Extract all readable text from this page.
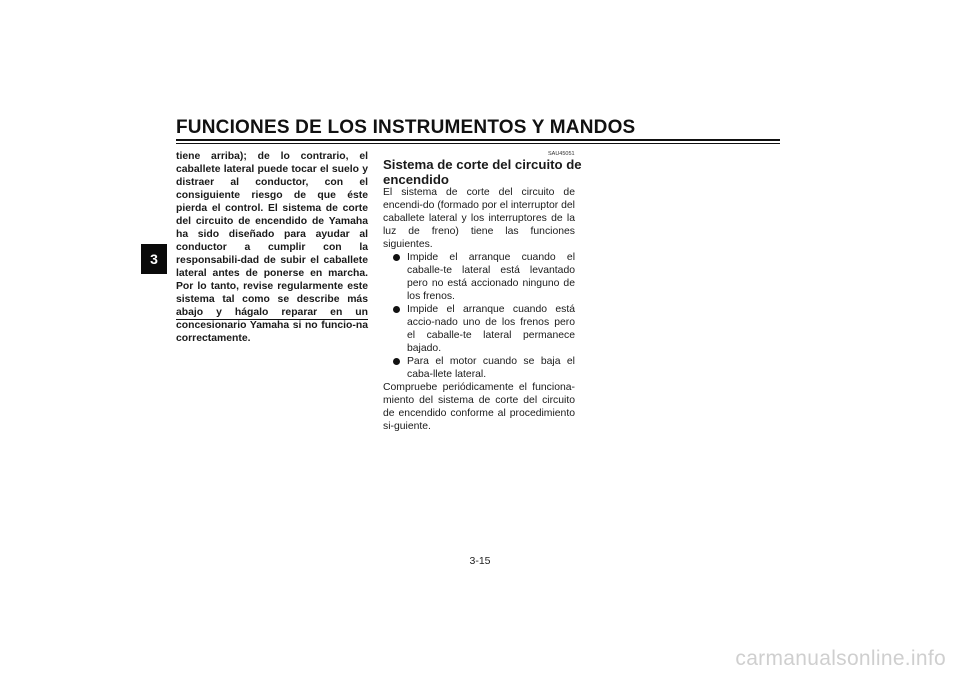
FUNCIONES DE LOS INSTRUMENTOS Y MANDOS
3

tiene arriba); de lo contrario, el caballete lateral puede tocar el suelo y distraer al conductor, con el consiguiente riesgo de que éste pierda el control. El sistema de corte del circuito de encendido de Yamaha ha sido diseñado para ayudar al conductor a cumplir con la responsabili-dad de subir el caballete lateral antes de ponerse en marcha. Por lo tanto, revise regularmente este sistema tal como se describe más abajo y hágalo reparar en un concesionario Yamaha si no funcio-na correctamente.

SAU45051
Sistema de corte del circuito de encendido

El sistema de corte del circuito de encendi-do (formado por el interruptor del caballete lateral y los interruptores de la luz de freno) tiene las funciones siguientes.

Impide el arranque cuando el caballe-te lateral está levantado pero no está accionado ninguno de los frenos.
Impide el arranque cuando está accio-nado uno de los frenos pero el caballe-te lateral permanece bajado.
Para el motor cuando se baja el caba-llete lateral.

Compruebe periódicamente el funciona-miento del sistema de corte del circuito de encendido conforme al procedimiento si-guiente.

3-15
carmanualsonline.info
